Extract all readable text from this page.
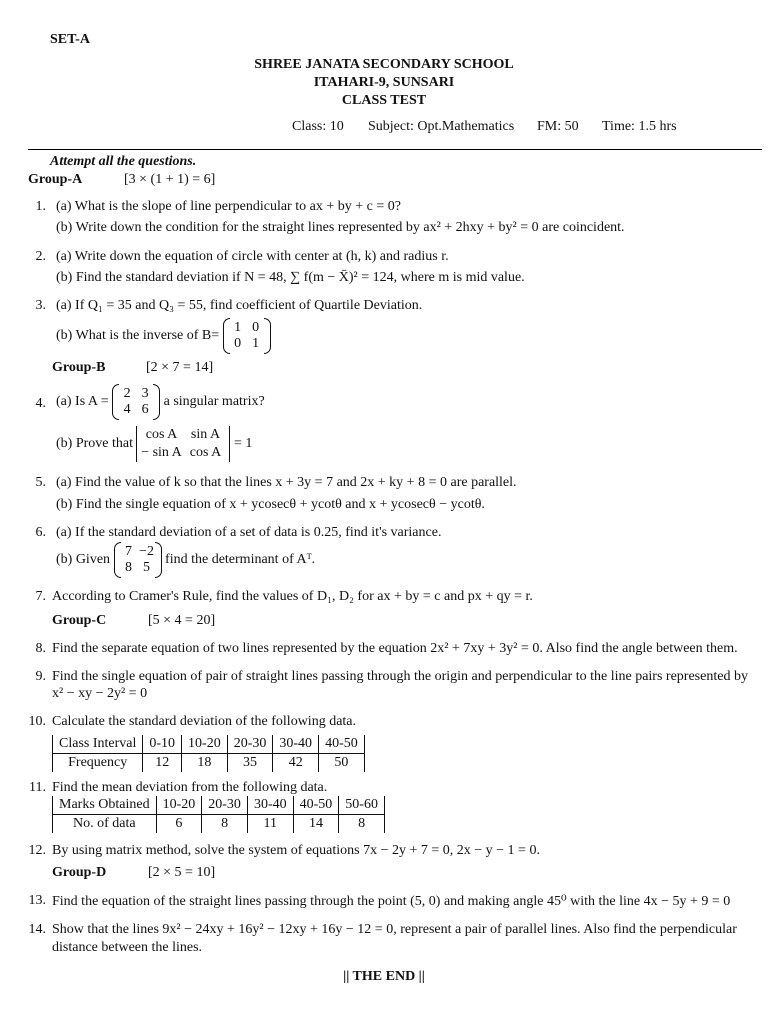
SET-A
SHREE JANATA SECONDARY SCHOOL
ITAHARI-9, SUNSARI
CLASS TEST
Class: 10 Subject: Opt.Mathematics FM: 50 Time: 1.5 hrs
Attempt all the questions.
Group-A	[3 × (1 + 1) = 6]
1. (a) What is the slope of line perpendicular to ax + by + c = 0?
(b) Write down the condition for the straight lines represented by ax² + 2hxy + by² = 0 are coincident.
2. (a) Write down the equation of circle with center at (h, k) and radius r.
(b) Find the standard deviation if N = 48, ∑ f(m − X̄)² = 124, where m is mid value.
3. (a) If Q₁ = 35 and Q₃ = 55, find coefficient of Quartile Deviation.
(b) What is the inverse of B=
1 0
0 1
Group-B	[2 × 7 = 14]
4. (a) Is A =
2 3
4 6
a singular matrix?
(b) Prove that
cos A sin A
− sin A cos A
= 1
5. (a) Find the value of k so that the lines x + 3y = 7 and 2x + ky + 8 = 0 are parallel.
(b) Find the single equation of x + ycosecθ + ycotθ and x + ycosecθ − ycotθ.
6. (a) If the standard deviation of a set of data is 0.25, find it's variance.
(b) Given
7 −2
8 5
find the determinant of Aᵀ.
7. According to Cramer's Rule, find the values of D₁, D₂ for ax + by = c and px + qy = r.
Group-C	[5 × 4 = 20]
8. Find the separate equation of two lines represented by the equation 2x² + 7xy + 3y² = 0. Also find the angle between them.
9. Find the single equation of pair of straight lines passing through the origin and perpendicular to the line pairs represented by
x² − xy − 2y² = 0
10. Calculate the standard deviation of the following data.
Class Interval	0-10	10-20	20-30	30-40	40-50
Frequency	12	18	35	42	50
11. Find the mean deviation from the following data.
Marks Obtained	10-20	20-30	30-40	40-50	50-60
No. of data	6	8	11	14	8
12. By using matrix method, solve the system of equations 7x − 2y + 7 = 0, 2x − y − 1 = 0.
Group-D	[2 × 5 = 10]
13. Find the equation of the straight lines passing through the point (5, 0) and making angle 45⁰ with the line 4x − 5y + 9 = 0
14. Show that the lines 9x² − 24xy + 16y² − 12xy + 16y − 12 = 0, represent a pair of parallel lines. Also find the perpendicular
distance between the lines.
|| THE END ||
